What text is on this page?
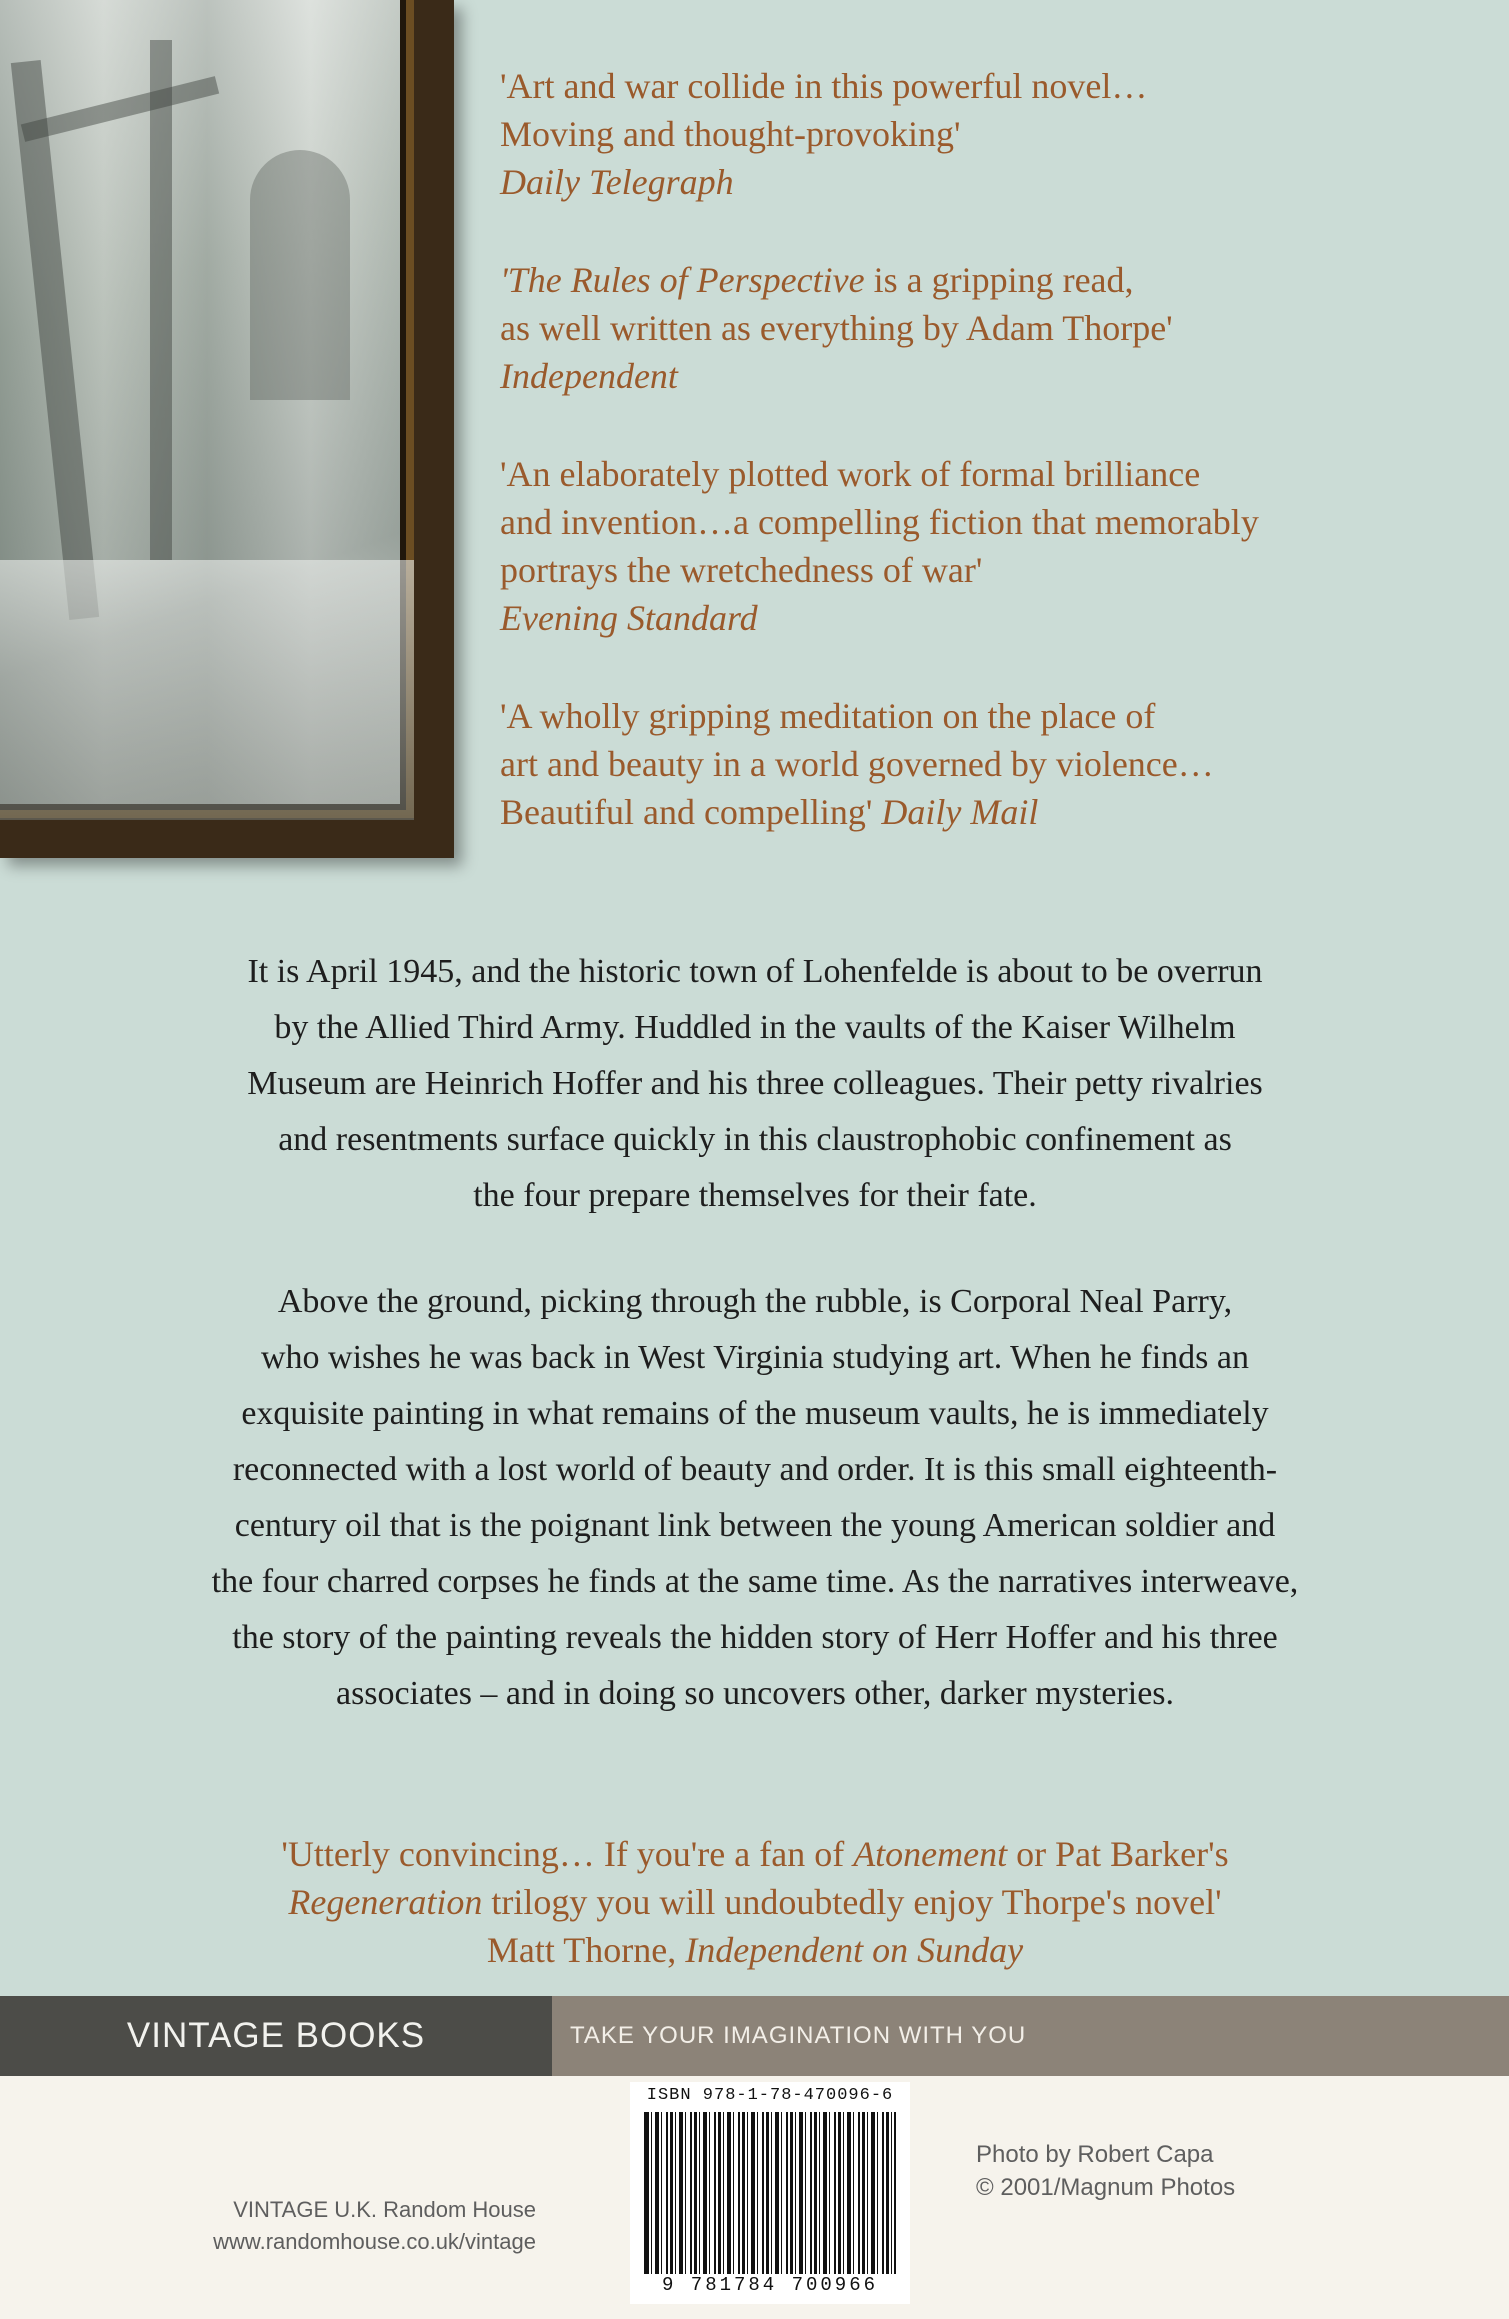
'Art and war collide in this powerful novel…

Moving and thought-provoking'

Daily Telegraph

'The Rules of Perspective is a gripping read,

as well written as everything by Adam Thorpe'

Independent

'An elaborately plotted work of formal brilliance

and invention…a compelling fiction that memorably

portrays the wretchedness of war'

Evening Standard

'A wholly gripping meditation on the place of

art and beauty in a world governed by violence…

Beautiful and compelling' Daily Mail

It is April 1945, and the historic town of Lohenfelde is about to be overrun
by the Allied Third Army. Huddled in the vaults of the Kaiser Wilhelm
Museum are Heinrich Hoffer and his three colleagues. Their petty rivalries
and resentments surface quickly in this claustrophobic confinement as
the four prepare themselves for their fate.

Above the ground, picking through the rubble, is Corporal Neal Parry,
who wishes he was back in West Virginia studying art. When he finds an
exquisite painting in what remains of the museum vaults, he is immediately
reconnected with a lost world of beauty and order. It is this small eighteenth-
century oil that is the poignant link between the young American soldier and
the four charred corpses he finds at the same time. As the narratives interweave,
the story of the painting reveals the hidden story of Herr Hoffer and his three
associates – and in doing so uncovers other, darker mysteries.

'Utterly convincing… If you're a fan of Atonement or Pat Barker's

Regeneration trilogy you will undoubtedly enjoy Thorpe's novel'

Matt Thorne, Independent on Sunday

VINTAGE BOOKS	TAKE YOUR IMAGINATION WITH YOU
VINTAGE U.K. Random House
www.randomhouse.co.uk/vintage
ISBN 978-1-78-470096-6
9 781784 700966
Photo by Robert Capa
© 2001/Magnum Photos
